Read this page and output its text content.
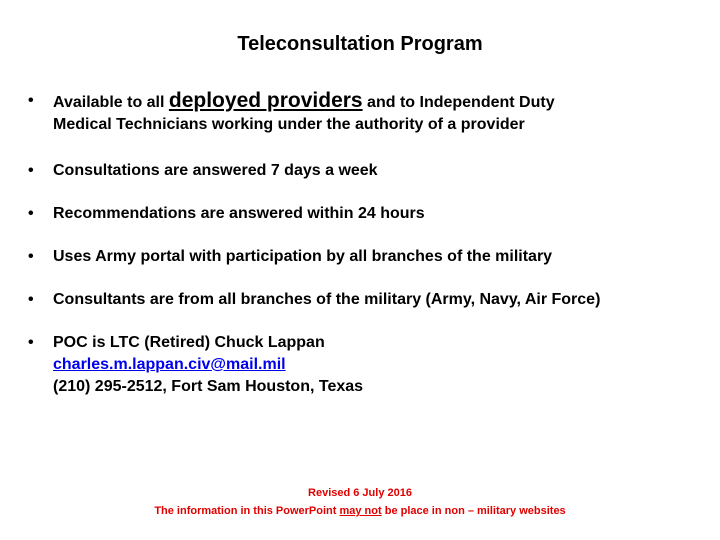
Teleconsultation Program
•	Available to all deployed providers and to Independent Duty
Medical Technicians working under the authority of a provider
•	Consultations are answered 7 days a week
•	Recommendations are answered within 24 hours
•	Uses Army portal with participation by all branches of the military
•	Consultants are from all branches of the military (Army, Navy, Air Force)
•	POC is LTC (Retired) Chuck Lappan
charles.m.lappan.civ@mail.mil
(210) 295-2512, Fort Sam Houston, Texas
Revised 6 July 2016
The information in this PowerPoint may not be place in non – military websites
